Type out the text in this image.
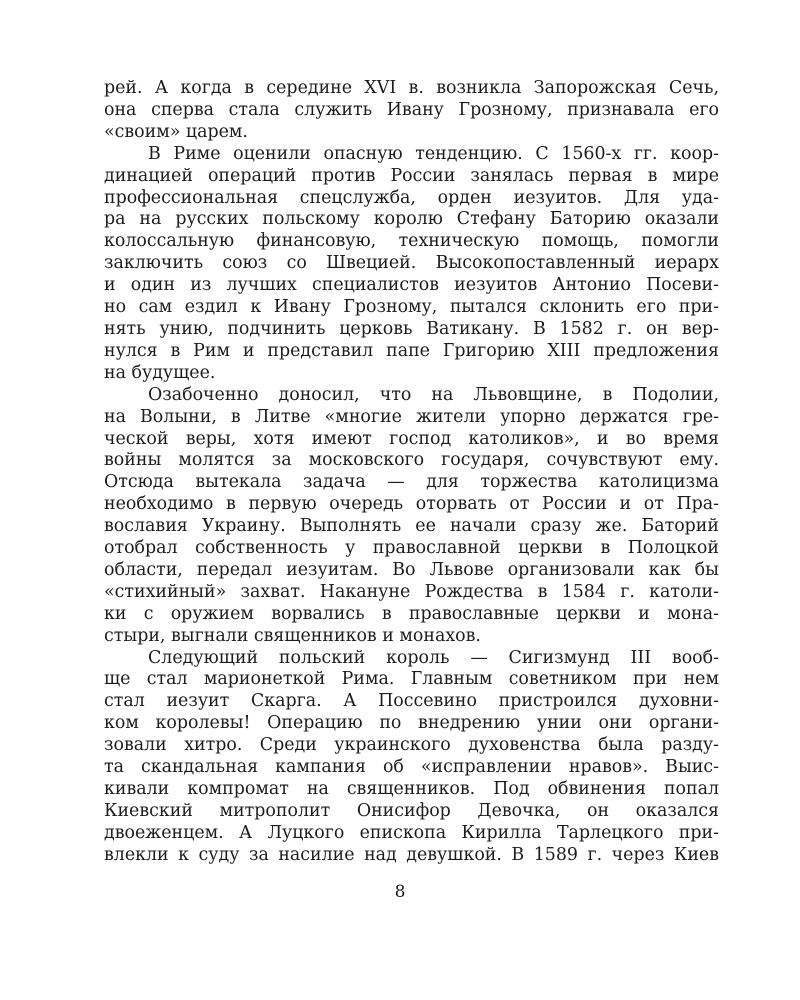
рей. А когда в середине XVI в. возникла Запорожская Сечь,
она сперва стала служить Ивану Грозному, признавала его
«своим» царем.
В Риме оценили опасную тенденцию. С 1560-х гг. коор-
динацией операций против России занялась первая в мире
профессиональная спецслужба, орден иезуитов. Для уда-
ра на русских польскому королю Стефану Баторию оказали
колоссальную финансовую, техническую помощь, помогли
заключить союз со Швецией. Высокопоставленный иерарх
и один из лучших специалистов иезуитов Антонио Посеви-
но сам ездил к Ивану Грозному, пытался склонить его при-
нять унию, подчинить церковь Ватикану. В 1582 г. он вер-
нулся в Рим и представил папе Григорию XIII предложения
на будущее.
Озабоченно доносил, что на Львовщине, в Подолии,
на Волыни, в Литве «многие жители упорно держатся гре-
ческой веры, хотя имеют господ католиков», и во время
войны молятся за московского государя, сочувствуют ему.
Отсюда вытекала задача — для торжества католицизма
необходимо в первую очередь оторвать от России и от Пра-
вославия Украину. Выполнять ее начали сразу же. Баторий
отобрал собственность у православной церкви в Полоцкой
области, передал иезуитам. Во Львове организовали как бы
«стихийный» захват. Накануне Рождества в 1584 г. католи-
ки с оружием ворвались в православные церкви и мона-
стыри, выгнали священников и монахов.
Следующий польский король — Сигизмунд III вооб-
ще стал марионеткой Рима. Главным советником при нем
стал иезуит Скарга. А Поссевино пристроился духовни-
ком королевы! Операцию по внедрению унии они органи-
зовали хитро. Среди украинского духовенства была разду-
та скандальная кампания об «исправлении нравов». Выис-
кивали компромат на священников. Под обвинения попал
Киевский митрополит Онисифор Девочка, он оказался
двоеженцем. А Луцкого епископа Кирилла Тарлецкого при-
влекли к суду за насилие над девушкой. В 1589 г. через Киев
8
